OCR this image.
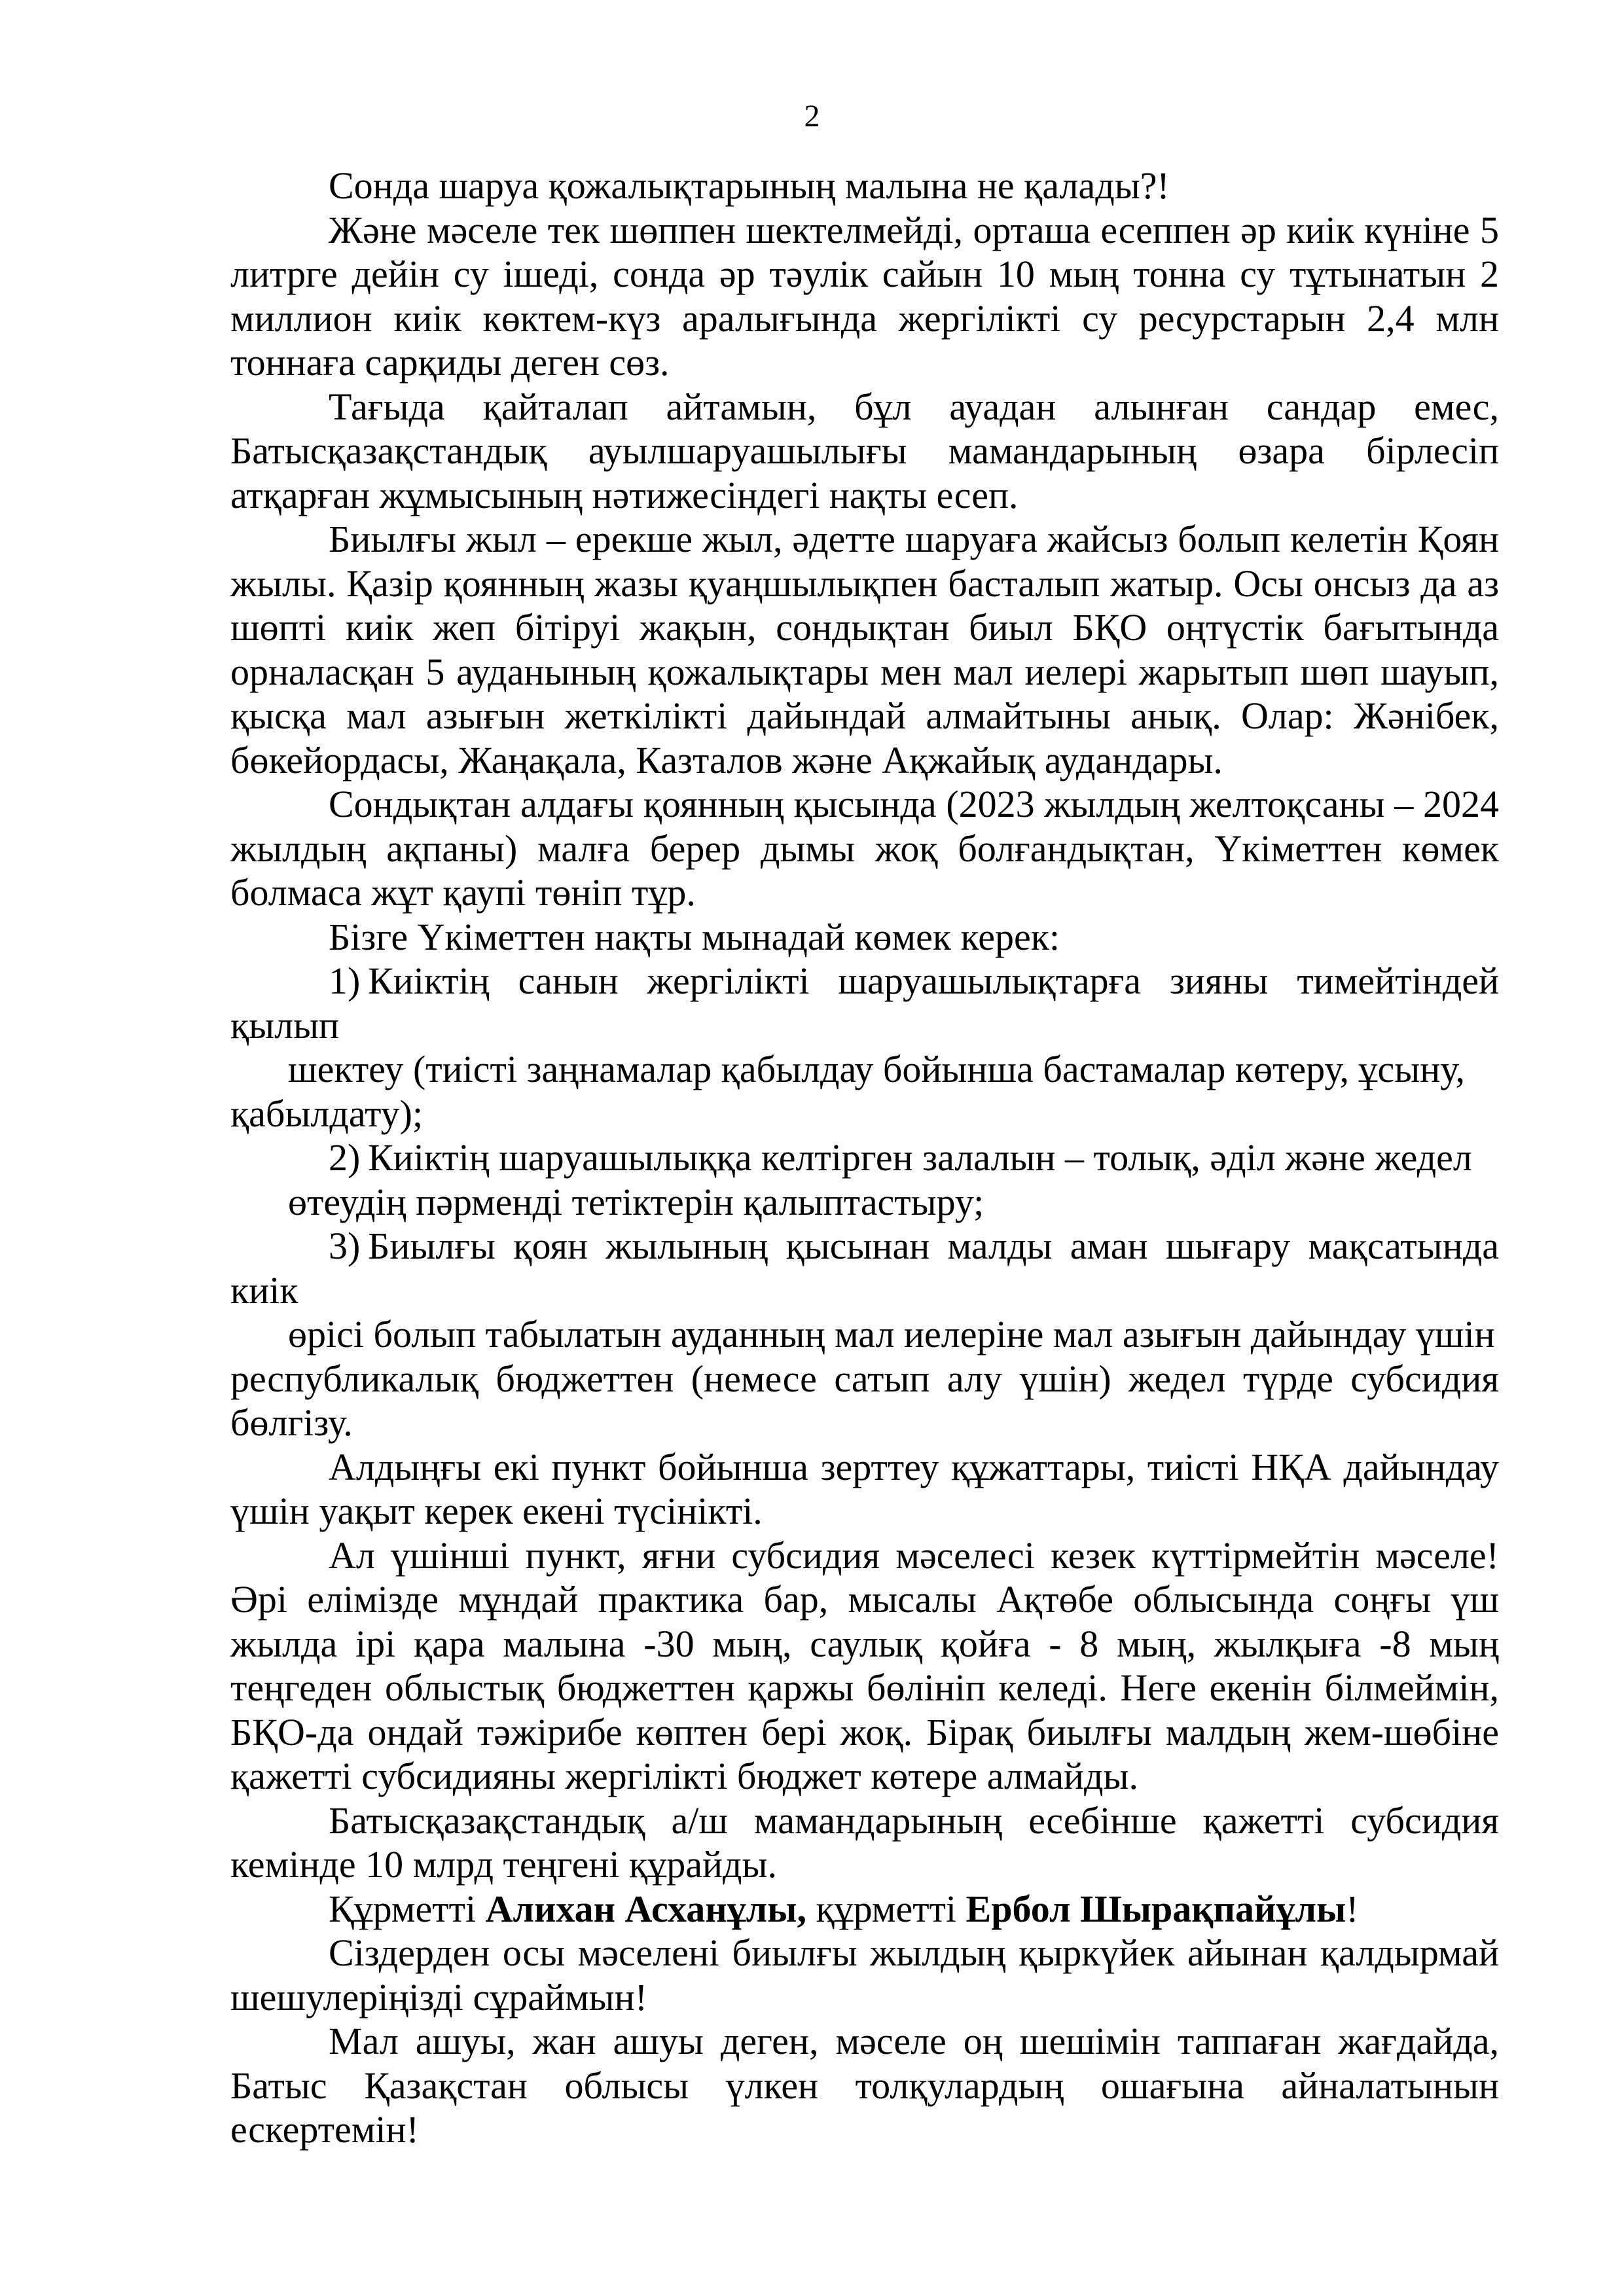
2

Сонда шаруа қожалықтарының малына не қалады?!

Және мәселе тек шөппен шектелмейді, орташа есеппен әр киік күніне 5 литрге дейін су ішеді, сонда әр тәулік сайын 10 мың тонна су тұтынатын 2 миллион киік көктем-күз аралығында жергілікті су ресурстарын 2,4 млн тоннаға сарқиды деген сөз.

Тағыда қайталап айтамын, бұл ауадан алынған сандар емес, Батысқазақстандық ауылшаруашылығы мамандарының өзара бірлесіп атқарған жұмысының нәтижесіндегі нақты есеп.

Биылғы жыл – ерекше жыл, әдетте шаруаға жайсыз болып келетін Қоян жылы. Қазір қоянның жазы қуаңшылықпен басталып жатыр. Осы онсыз да аз шөпті киік жеп бітіруі жақын, сондықтан биыл БҚО оңтүстік бағытында орналасқан 5 ауданының қожалықтары мен мал иелері жарытып шөп шауып, қысқа мал азығын жеткілікті дайындай алмайтыны анық. Олар: Жәнібек, бөкейордасы, Жаңақала, Казталов және Ақжайық аудандары.

Сондықтан алдағы қоянның қысында (2023 жылдың желтоқсаны – 2024 жылдың ақпаны) малға берер дымы жоқ болғандықтан, Үкіметтен көмек болмаса жұт қаупі төніп тұр.

Бізге Үкіметтен нақты мынадай көмек керек:

1) Киіктің санын жергілікті шаруашылықтарға зияны тимейтіндей қылып

шектеу (тиісті заңнамалар қабылдау бойынша бастамалар көтеру, ұсыну,

қабылдату);

2) Киіктің шаруашылыққа келтірген залалын – толық, әділ және жедел

өтеудің пәрменді тетіктерін қалыптастыру;

3) Биылғы қоян жылының қысынан малды аман шығару мақсатында киік

өрісі болып табылатын ауданның мал иелеріне мал азығын дайындау үшін

республикалық бюджеттен (немесе сатып алу үшін) жедел түрде субсидия бөлгізу.

Алдыңғы екі пункт бойынша зерттеу құжаттары, тиісті НҚА дайындау үшін уақыт керек екені түсінікті.

Ал үшінші пункт, яғни субсидия мәселесі кезек күттірмейтін мәселе! Әрі елімізде мұндай практика бар, мысалы Ақтөбе облысында соңғы үш жылда ірі қара малына -30 мың, саулық қойға - 8 мың, жылқыға -8 мың теңгеден облыстық бюджеттен қаржы бөлініп келеді. Неге екенін білмеймін, БҚО-да ондай тәжірибе көптен бері жоқ. Бірақ биылғы малдың жем-шөбіне қажетті субсидияны жергілікті бюджет көтере алмайды.

Батысқазақстандық а/ш мамандарының есебінше қажетті субсидия кемінде 10 млрд теңгені құрайды.

Құрметті Алихан Асханұлы, құрметті Ербол Шырақпайұлы!

Сіздерден осы мәселені биылғы жылдың қыркүйек айынан қалдырмай шешулеріңізді сұраймын!

Мал ашуы, жан ашуы деген, мәселе оң шешімін таппаған жағдайда, Батыс Қазақстан облысы үлкен толқулардың ошағына айналатынын ескертемін!
